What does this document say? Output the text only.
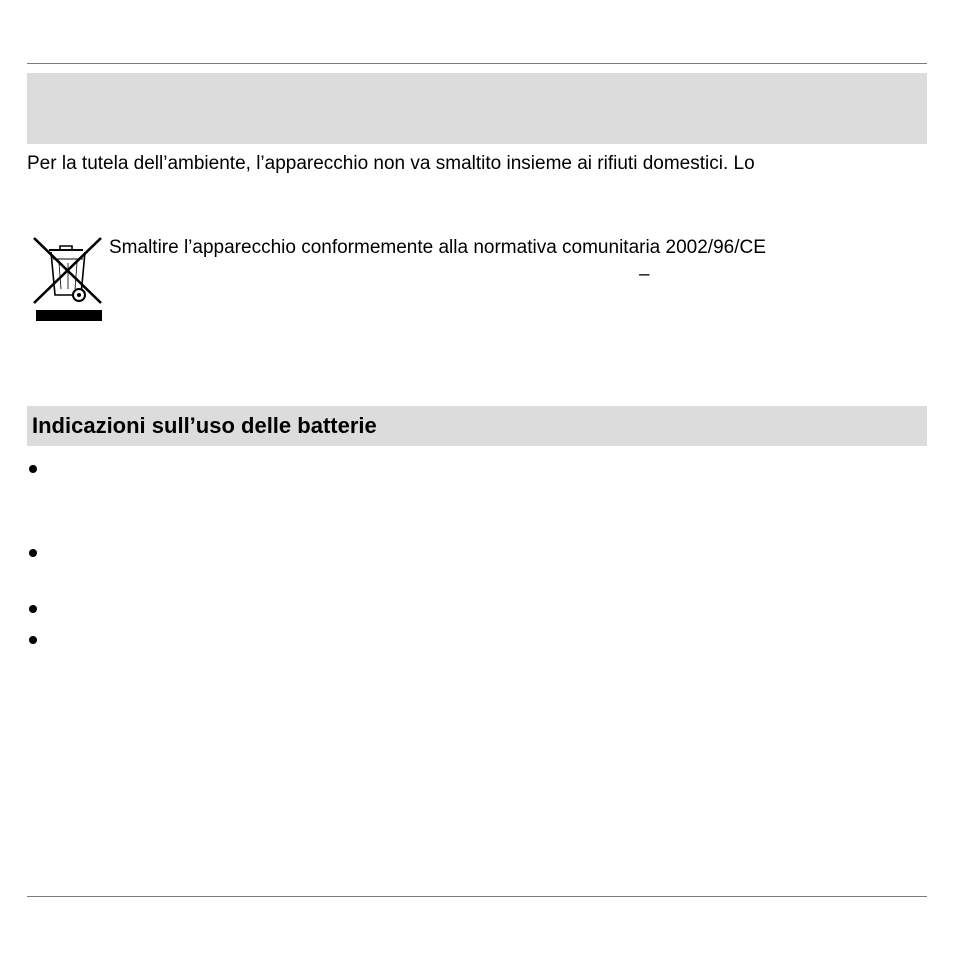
Per la tutela dell’ambiente, l’apparecchio non va smaltito insieme ai rifiuti domestici. Lo
Smaltire l’apparecchio conformemente alla normativa comunitaria 2002/96/CE
–
Indicazioni sull’uso delle batterie
